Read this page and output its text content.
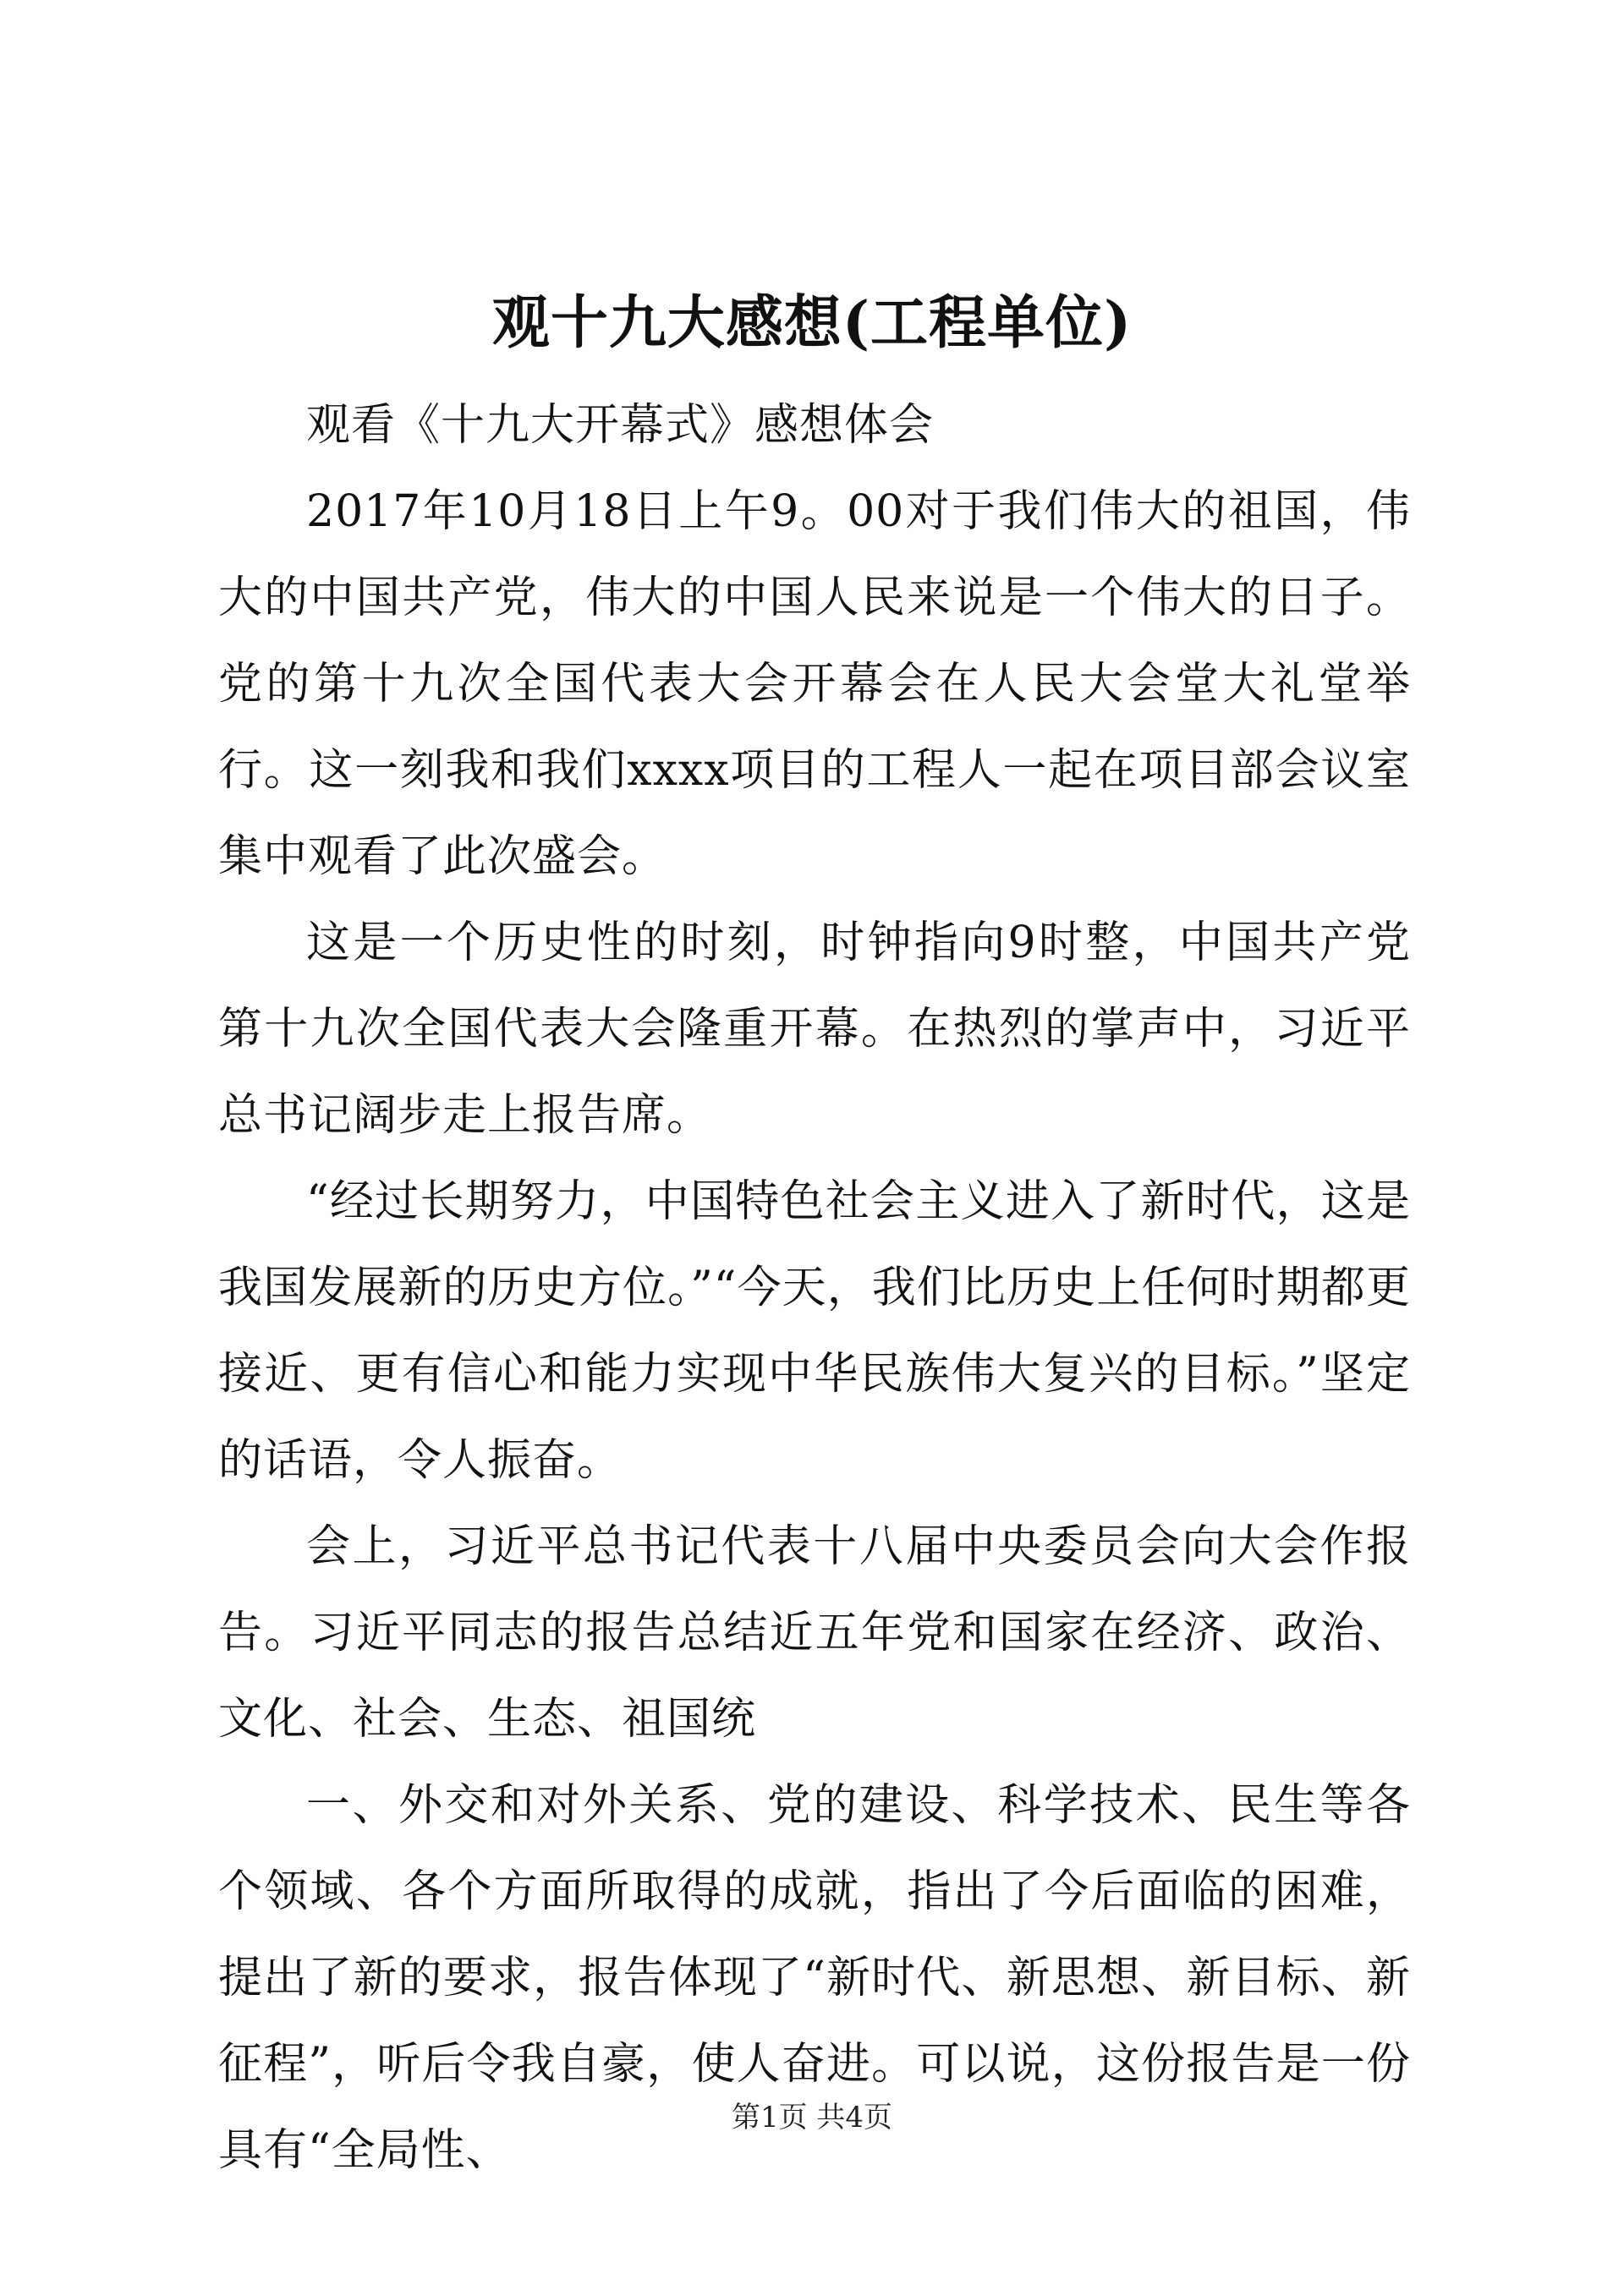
观十九大感想(工程单位)

观看《十九大开幕式》感想体会

2017年10月18日上午9。00对于我们伟大的祖国，伟大的中国共产党，伟大的中国人民来说是一个伟大的日子。党的第十九次全国代表大会开幕会在人民大会堂大礼堂举行。这一刻我和我们xxxx项目的工程人一起在项目部会议室集中观看了此次盛会。

这是一个历史性的时刻，时钟指向9时整，中国共产党第十九次全国代表大会隆重开幕。在热烈的掌声中，习近平总书记阔步走上报告席。

“经过长期努力，中国特色社会主义进入了新时代，这是我国发展新的历史方位。”“今天，我们比历史上任何时期都更接近、更有信心和能力实现中华民族伟大复兴的目标。”坚定的话语，令人振奋。

会上，习近平总书记代表十八届中央委员会向大会作报告。习近平同志的报告总结近五年党和国家在经济、政治、文化、社会、生态、祖国统

一、外交和对外关系、党的建设、科学技术、民生等各个领域、各个方面所取得的成就，指出了今后面临的困难，提出了新的要求，报告体现了“新时代、新思想、新目标、新征程”，听后令我自豪，使人奋进。可以说，这份报告是一份具有“全局性、

第1页 共4页
